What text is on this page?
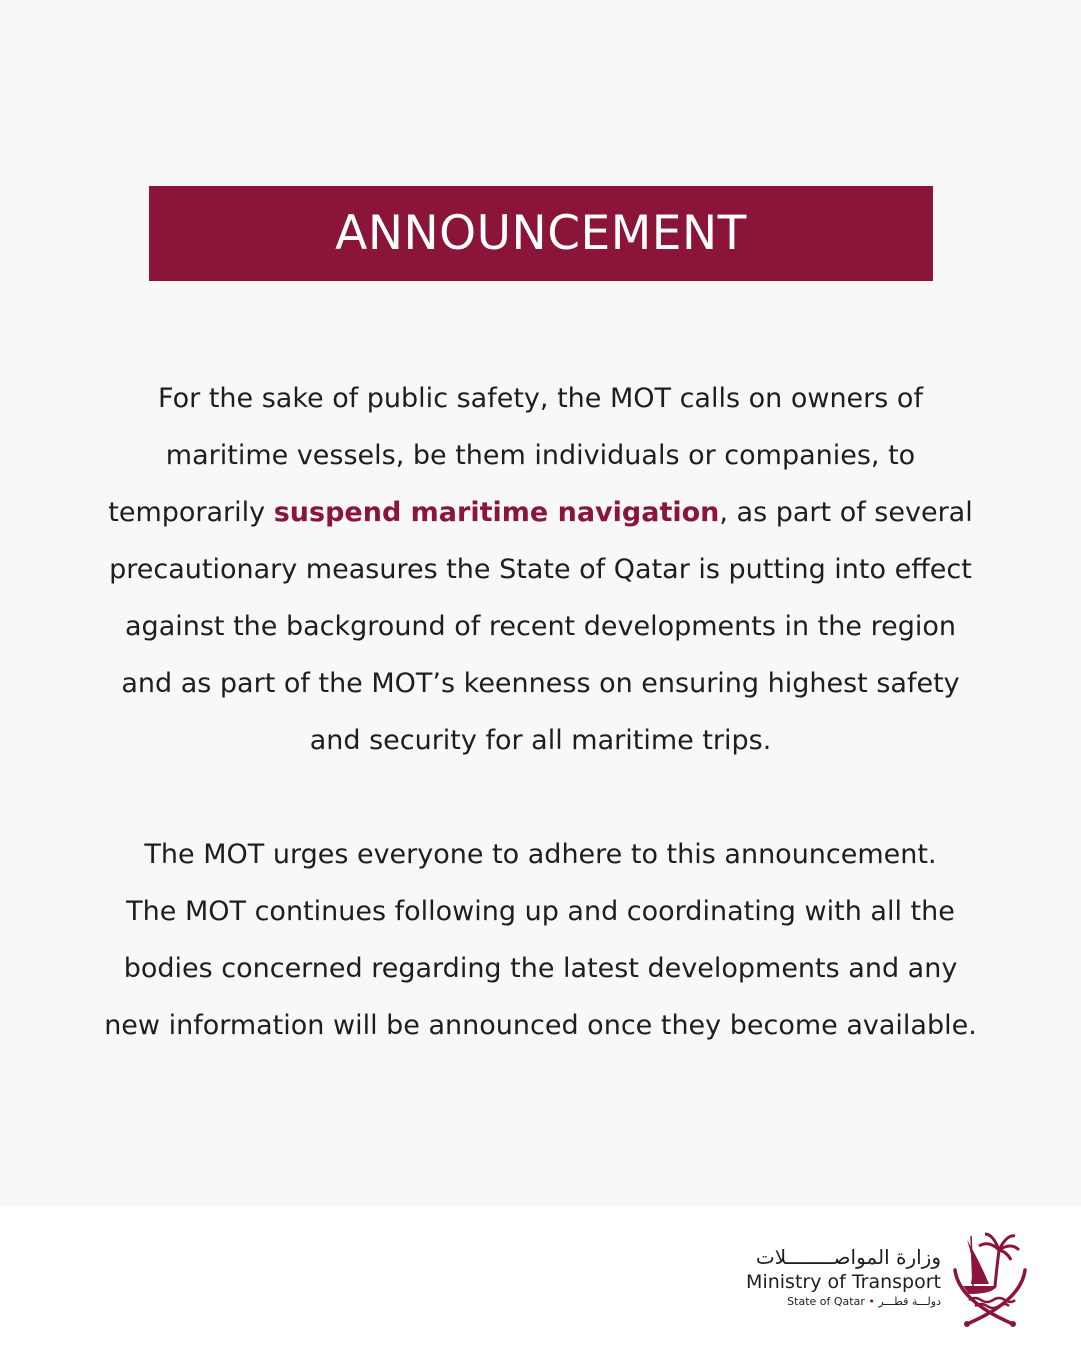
ANNOUNCEMENT
For the sake of public safety, the MOT calls on owners of
maritime vessels, be them individuals or companies, to
temporarily suspend maritime navigation, as part of several
precautionary measures the State of Qatar is putting into effect
against the background of recent developments in the region
and as part of the MOT’s keenness on ensuring highest safety
and security for all maritime trips.
The MOT urges everyone to adhere to this announcement.
The MOT continues following up and coordinating with all the
bodies concerned regarding the latest developments and any
new information will be announced once they become available.
وزارة المواصــــــــلات
Ministry of Transport
State of Qatar • دولـــة قطـــر
